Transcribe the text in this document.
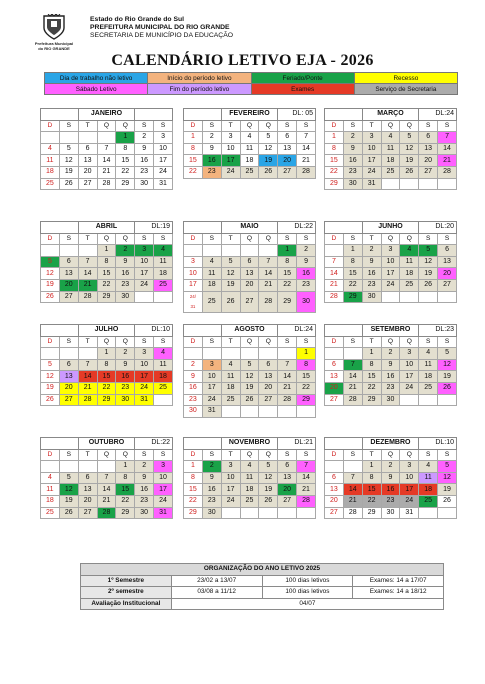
Prefeitura Municipal do RIO GRANDE
Estado do Rio Grande do Sul
PREFEITURA MUNICIPAL DO RIO GRANDE
SECRETARIA DE MUNICÍPIO DA EDUCAÇÃO
CALENDÁRIO LETIVO EJA - 2026
Dia de trabalho não letivo	Início do período letivo	Feriado/Ponte	Recesso
Sábado Letivo	Fim do período letivo	Exames	Serviço de Secretaria
		JANEIRO				
D	S	T	Q	Q	S	S
				1	2	3
4	5	6	7	8	9	10
11	12	13	14	15	16	17
18	19	20	21	22	23	24
25	26	27	28	29	30	31
		FEVEREIRO			DL: 05	
D	S	T	Q	Q	S	S
1	2	3	4	5	6	7
8	9	10	11	12	13	14
15	16	17	18	19	20	21
22	23	24	25	26	27	28
		MARÇO			DL:24	
D	S	T	Q	Q	S	S
1	2	3	4	5	6	7
8	9	10	11	12	13	14
15	16	17	18	19	20	21
22	23	24	25	26	27	28
29	30	31				
		ABRIL			DL:19	
D	S	T	Q	Q	S	S
			1	2	3	4
5	6	7	8	9	10	11
12	13	14	15	16	17	18
19	20	21	22	23	24	25
26	27	28	29	30		
		MAIO			DL:22	
D	S	T	Q	Q	S	S
					1	2
3	4	5	6	7	8	9
10	11	12	13	14	15	16
17	18	19	20	21	22	23
24/
31	25	26	27	28	29	30
		JUNHO			DL:20	
D	S	T	Q	Q	S	S
	1	2	3	4	5	6
7	8	9	10	11	12	13
14	15	16	17	18	19	20
21	22	23	24	25	26	27
28	29	30				
		JULHO			DL:10	
D	S	T	Q	Q	S	S
			1	2	3	4
5	6	7	8	9	10	11
12	13	14	15	16	17	18
19	20	21	22	23	24	25
26	27	28	29	30	31	
		AGOSTO			DL:24	
D	S	T	Q	Q	S	S
						1
2	3	4	5	6	7	8
9	10	11	12	13	14	15
16	17	18	19	20	21	22
23	24	25	26	27	28	29
30	31					
		SETEMBRO			DL:23	
D	S	T	Q	Q	S	S
		1	2	3	4	5
6	7	8	9	10	11	12
13	14	15	16	17	18	19
20	21	22	23	24	25	26
27	28	29	30			
		OUTUBRO			DL:22	
D	S	T	Q	Q	S	S
				1	2	3
4	5	6	7	8	9	10
11	12	13	14	15	16	17
18	19	20	21	22	23	24
25	26	27	28	29	30	31
		NOVEMBRO			DL:21	
D	S	T	Q	Q	S	S
1	2	3	4	5	6	7
8	9	10	11	12	13	14
15	16	17	18	19	20	21
22	23	24	25	26	27	28
29	30					
		DEZEMBRO			DL:10	
D	S	T	Q	Q	S	S
		1	2	3	4	5
6	7	8	9	10	11	12
13	14	15	16	17	18	19
20	21	22	23	24	25	26
27	28	29	30	31		
ORGANIZAÇÃO DO ANO LETIVO 2025			
1º Semestre	23/02 a 13/07	100 dias letivos	Exames: 14 a 17/07
2º semestre	03/08 a 11/12	100 dias letivos	Exames: 14 a 18/12
Avaliação Institucional	04/07		
